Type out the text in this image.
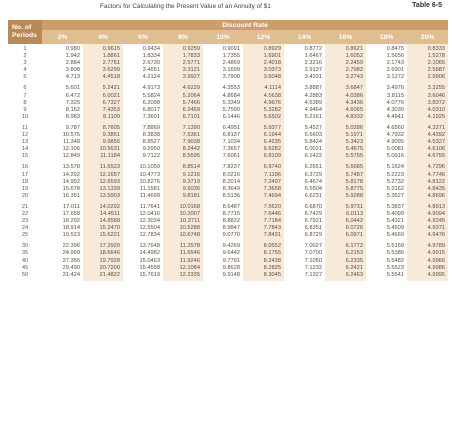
Factors for Calculating the Present Value of an Annuity of $1	Table 6-5
No. of Periods	Discount Rate									
	2%	4%	6%	8%	10%	12%	14%	16%	18%	20%
1	0.980	0.9615	0.9434	0.9259	0.9091	0.8929	0.8772	0.8621	0.8475	0.8333
2	1.942	1.8861	1.8334	1.7833	1.7355	1.6901	1.6467	1.6052	1.5656	1.5278
3	2.884	2.7751	2.6730	2.5771	2.4869	2.4018	2.3216	2.2459	2.1743	2.1065
4	3.808	3.6299	3.4651	3.3121	3.1699	3.0373	2.9137	2.7982	2.6901	2.5887
5	4.713	4.4518	4.2124	3.9927	3.7908	3.6048	3.4331	3.2743	3.1272	2.9906
6	5.601	5.2421	4.9173	4.6229	4.3553	4.1114	3.8887	3.6847	3.4976	3.3255
7	6.472	6.0021	5.5824	5.2064	4.8684	4.5638	4.2883	4.0386	3.8115	3.6046
8	7.325	6.7327	6.2098	5.7466	5.3349	4.9676	4.6389	4.3436	4.0776	3.8372
9	8.162	7.4353	6.8017	6.2469	5.7590	5.3282	4.9464	4.6065	4.3030	4.0310
10	8.983	8.1109	7.3601	6.7101	6.1446	5.6502	5.2161	4.8332	4.4941	4.1925
11	9.787	8.7605	7.8869	7.1390	6.4951	5.9377	5.4527	5.0286	4.6560	4.3271
12	10.575	9.3851	8.3838	7.5361	6.8137	6.1944	5.6603	5.1971	4.7932	4.4392
13	11.348	9.9856	8.8527	7.9038	7.1034	6.4235	5.8424	5.3423	4.9095	4.5327
14	12.106	10.5631	9.2950	8.2442	7.3667	6.6282	6.0021	5.4675	5.0081	4.6106
15	12.849	11.1184	9.7122	8.5595	7.6061	6.8109	6.1422	5.5755	5.0916	4.6755
16	13.578	11.6523	10.1059	8.8514	7.8237	6.9740	6.2651	5.6685	5.1624	4.7296
17	14.292	12.1657	10.4773	9.1216	8.0216	7.1196	6.3729	5.7487	5.2223	4.7746
18	14.992	12.6593	10.8276	9.3719	8.2014	7.2497	6.4674	5.8178	5.2732	4.8122
19	15.678	13.1339	11.1581	9.6036	8.3649	7.3658	6.5504	5.8775	5.3162	4.8435
20	16.351	13.5903	11.4699	9.8181	8.5136	7.4694	6.6231	5.9288	5.3527	4.8696
21	17.011	14.0292	11.7641	10.0168	8.6487	7.5620	6.6870	5.9731	5.3837	4.8913
22	17.658	14.4511	12.0416	10.2007	8.7715	7.6446	6.7429	6.0113	5.4099	4.9094
23	18.292	14.8568	12.3034	10.3711	8.8832	7.7184	6.7921	6.0442	5.4321	4.9245
24	18.914	15.2470	12.5504	10.5288	8.9847	7.7843	6.8351	6.0726	5.4509	4.9371
25	19.523	15.6221	12.7834	10.6748	9.0770	7.8431	6.8729	6.0971	5.4669	4.9476
30	22.396	17.2920	13.7648	11.2578	9.4269	8.0552	7.0027	6.1772	5.5168	4.9789
35	24.999	18.6646	14.4982	11.6546	9.6442	8.1755	7.0700	6.2153	5.5386	4.9915
40	27.355	19.7928	15.0463	11.9246	9.7791	8.2438	7.1050	6.2335	5.5482	4.9966
45	29.490	20.7200	15.4558	12.1084	9.8628	8.2825	7.1232	6.2421	5.5523	4.9986
50	31.424	21.4822	15.7619	12.2335	9.9148	8.3045	7.1327	6.2463	5.5541	4.9995
